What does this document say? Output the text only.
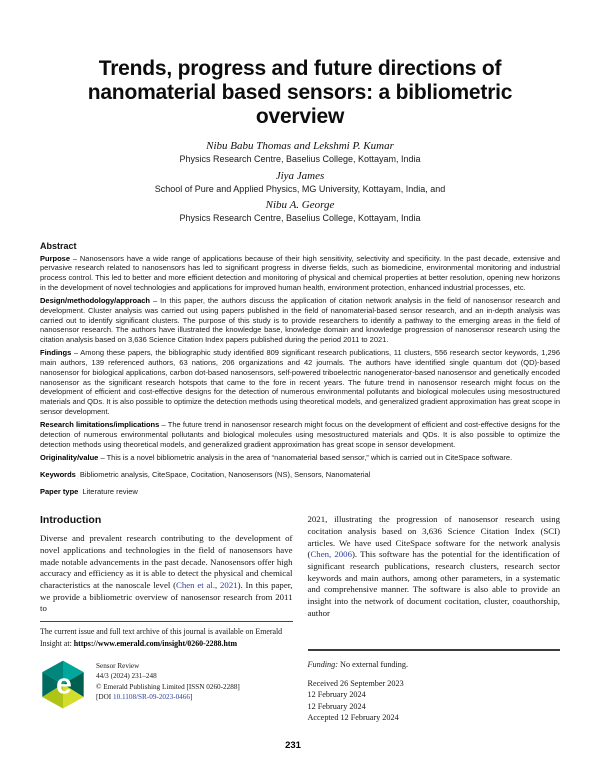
Trends, progress and future directions of nanomaterial based sensors: a bibliometric overview
Nibu Babu Thomas and Lekshmi P. Kumar
Physics Research Centre, Baselius College, Kottayam, India
Jiya James
School of Pure and Applied Physics, MG University, Kottayam, India, and
Nibu A. George
Physics Research Centre, Baselius College, Kottayam, India
Abstract

Purpose – Nanosensors have a wide range of applications because of their high sensitivity, selectivity and specificity. In the past decade, extensive and pervasive research related to nanosensors has led to significant progress in diverse fields, such as biomedicine, environmental monitoring and industrial process control. This led to better and more efficient detection and monitoring of physical and chemical properties at better resolution, opening new horizons in the development of novel technologies and applications for improved human health, environment protection, enhanced industrial processes, etc.

Design/methodology/approach – In this paper, the authors discuss the application of citation network analysis in the field of nanosensor research and development. Cluster analysis was carried out using papers published in the field of nanomaterial-based sensor research, and an in-depth analysis was carried out to identify significant clusters. The purpose of this study is to provide researchers to identify a pathway to the emerging areas in the field of nanosensor research. The authors have illustrated the knowledge base, knowledge domain and knowledge progression of nanosensor research using the citation analysis based on 3,636 Science Citation Index papers published during the period 2011 to 2021.

Findings – Among these papers, the bibliographic study identified 809 significant research publications, 11 clusters, 556 research sector keywords, 1,296 main authors, 139 referenced authors, 63 nations, 206 organizations and 42 journals. The authors have identified single quantum dot (QD)-based nanosensor for biological applications, carbon dot-based nanosensors, self-powered triboelectric nanogenerator-based nanosensor and genetically encoded nanosensor as the significant research hotspots that came to the fore in recent years. The future trend in nanosensor research might focus on the development of efficient and cost-effective designs for the detection of numerous environmental pollutants and biological molecules using mesostructured materials and QDs. It is also possible to optimize the detection methods using theoretical models, and generalized gradient approximation has great scope in sensor development.

Research limitations/implications – The future trend in nanosensor research might focus on the development of efficient and cost-effective designs for the detection of numerous environmental pollutants and biological molecules using mesostructured materials and QDs. It is also possible to optimize the detection methods using theoretical models, and generalized gradient approximation has great scope in sensor development.

Originality/value – This is a novel bibliometric analysis in the area of “nanomaterial based sensor,” which is carried out in CiteSpace software.

Keywords Bibliometric analysis, CiteSpace, Cocitation, Nanosensors (NS), Sensors, Nanomaterial

Paper type Literature review

Introduction

Diverse and prevalent research contributing to the development of novel applications and technologies in the field of nanosensors have made notable advancements in the past decade. Nanosensors offer high accuracy and efficiency as it is able to detect the physical and chemical characteristics at the nanoscale level (Chen et al., 2021). In this paper, we provide a bibliometric overview of nanosensor research from 2011 to

The current issue and full text archive of this journal is available on Emerald Insight at: https://www.emerald.com/insight/0260-2288.htm

e
Sensor Review
44/3 (2024) 231–248
© Emerald Publishing Limited [ISSN 0260-2288]
[DOI 10.1108/SR-09-2023-0466]

2021, illustrating the progression of nanosensor research using cocitation analysis based on 3,636 Science Citation Index (SCI) articles. We have used CiteSpace software for the network analysis (Chen, 2006). This software has the potential for the identification of significant research publications, research clusters, research sector keywords and main authors, among other parameters, in a systematic and comprehensive manner. The software is also able to provide an insight into the network of document cocitation, cluster, coauthorship, author

Funding: No external funding.

Received 26 September 2023
12 February 2024
12 February 2024
Accepted 12 February 2024
231
